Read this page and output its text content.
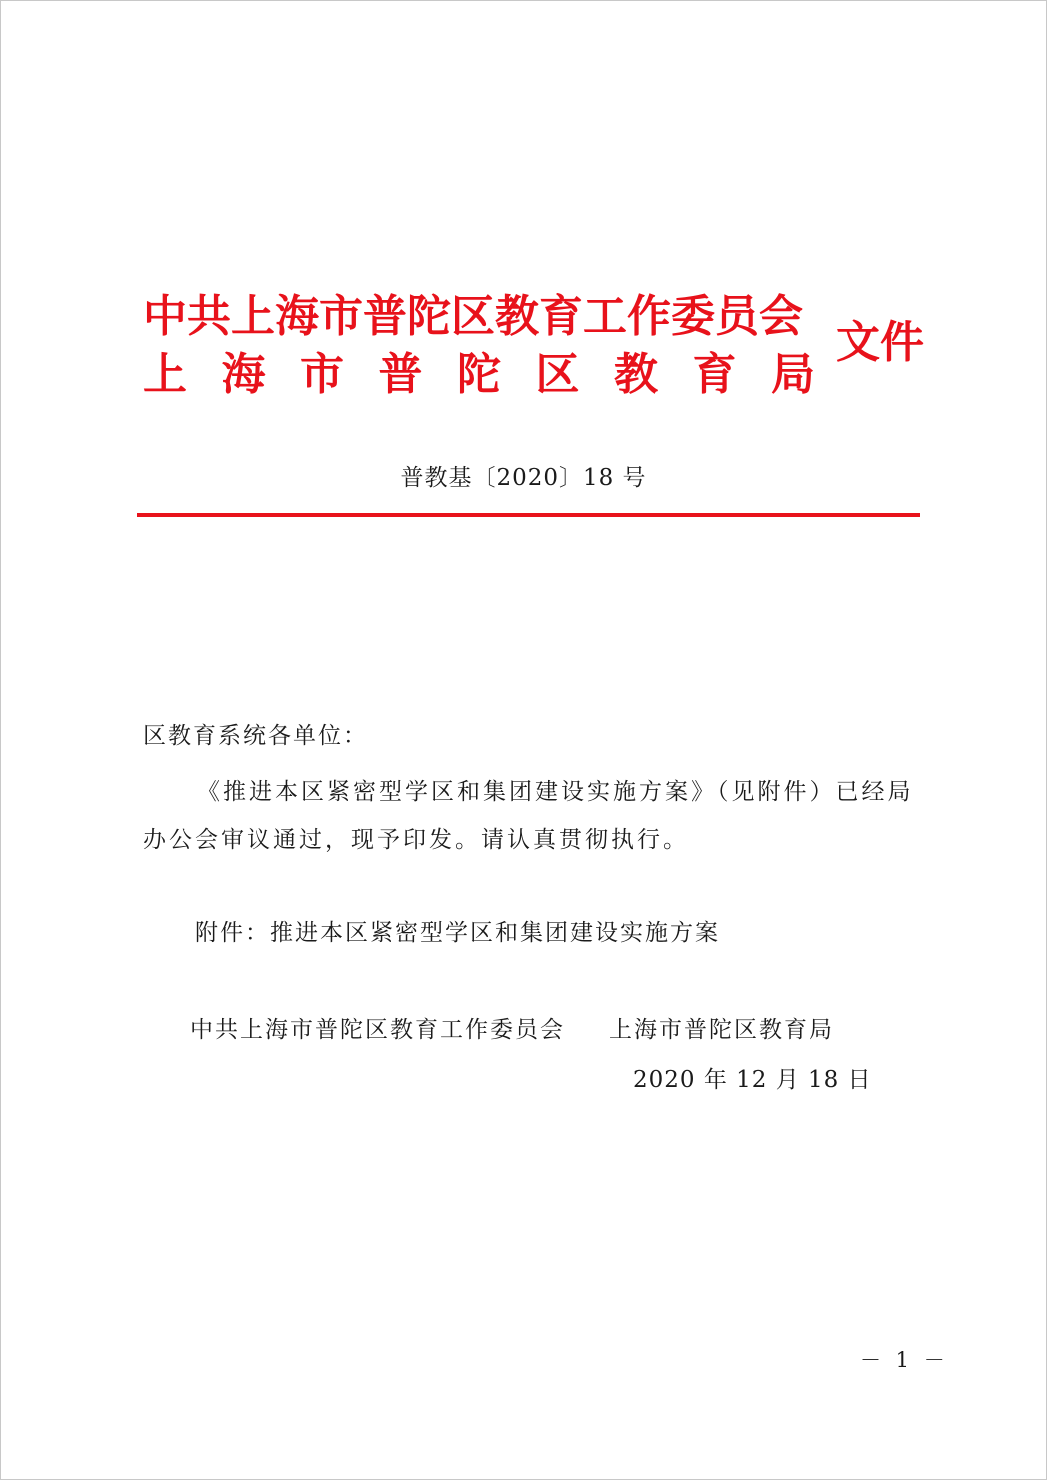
中共上海市普陀区教育工作委员会
上 海 市 普 陀 区 教 育 局
文件
普教基〔2020〕18 号
区教育系统各单位：
《推进本区紧密型学区和集团建设实施方案》（见附件）已经局办公会审议通过，现予印发。请认真贯彻执行。
附件：推进本区紧密型学区和集团建设实施方案
中共上海市普陀区教育工作委员会 上海市普陀区教育局
2020 年 12 月 18 日
－ 1 －
